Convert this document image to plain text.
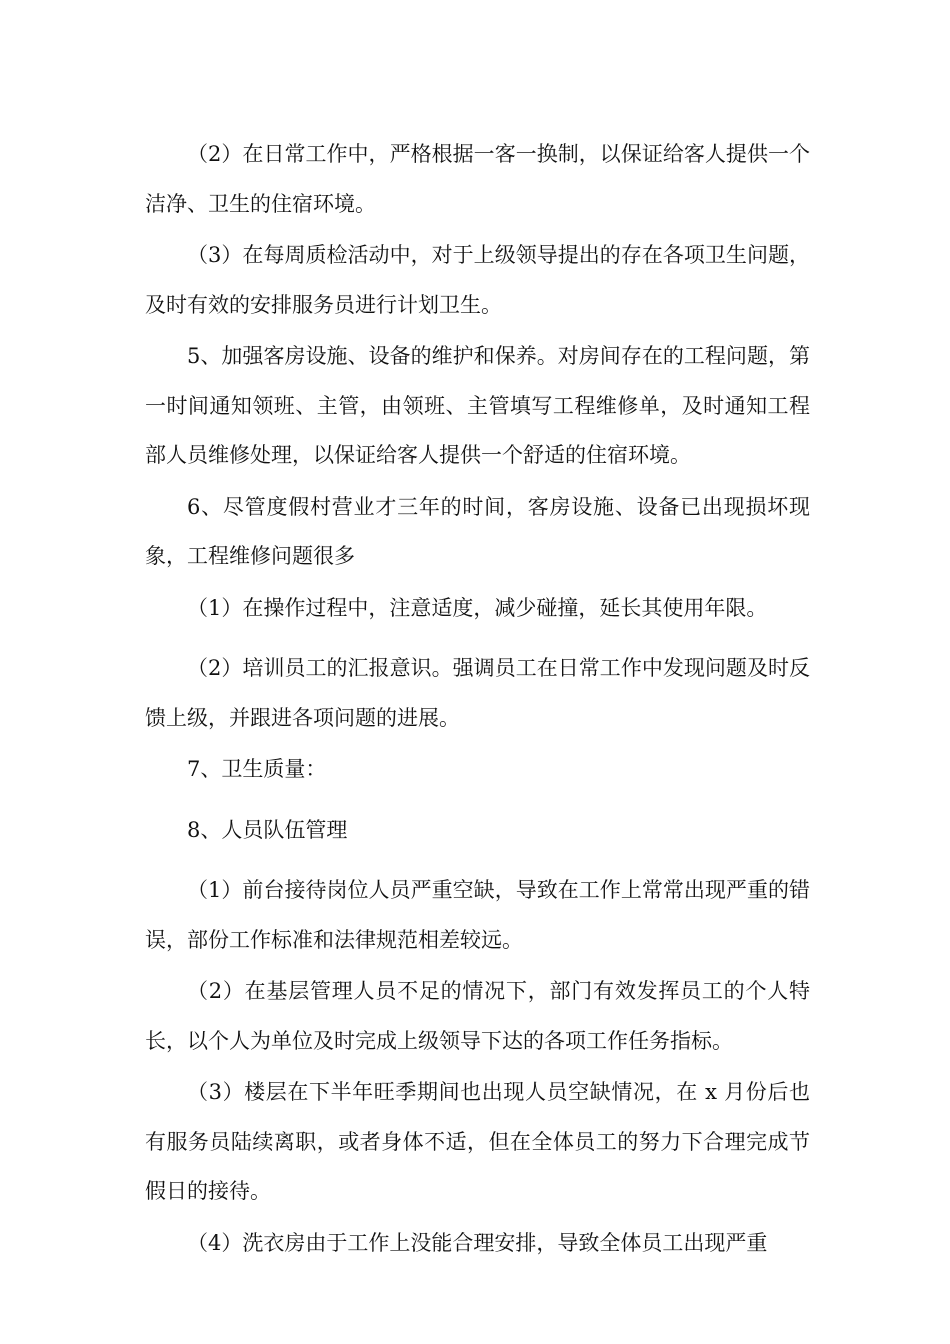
（2）在日常工作中，严格根据一客一换制，以保证给客人提供一个洁净、卫生的住宿环境。

（3）在每周质检活动中，对于上级领导提出的存在各项卫生问题，及时有效的安排服务员进行计划卫生。

5、加强客房设施、设备的维护和保养。对房间存在的工程问题，第一时间通知领班、主管，由领班、主管填写工程维修单，及时通知工程部人员维修处理，以保证给客人提供一个舒适的住宿环境。

6、尽管度假村营业才三年的时间，客房设施、设备已出现损坏现象，工程维修问题很多

（1）在操作过程中，注意适度，减少碰撞，延长其使用年限。

（2）培训员工的汇报意识。强调员工在日常工作中发现问题及时反馈上级，并跟进各项问题的进展。

7、卫生质量：

8、人员队伍管理

（1）前台接待岗位人员严重空缺，导致在工作上常常出现严重的错误，部份工作标准和法律规范相差较远。

（2）在基层管理人员不足的情况下，部门有效发挥员工的个人特长，以个人为单位及时完成上级领导下达的各项工作任务指标。

（3）楼层在下半年旺季期间也出现人员空缺情况，在 x 月份后也有服务员陆续离职，或者身体不适，但在全体员工的努力下合理完成节假日的接待。

（4）洗衣房由于工作上没能合理安排，导致全体员工出现严重
